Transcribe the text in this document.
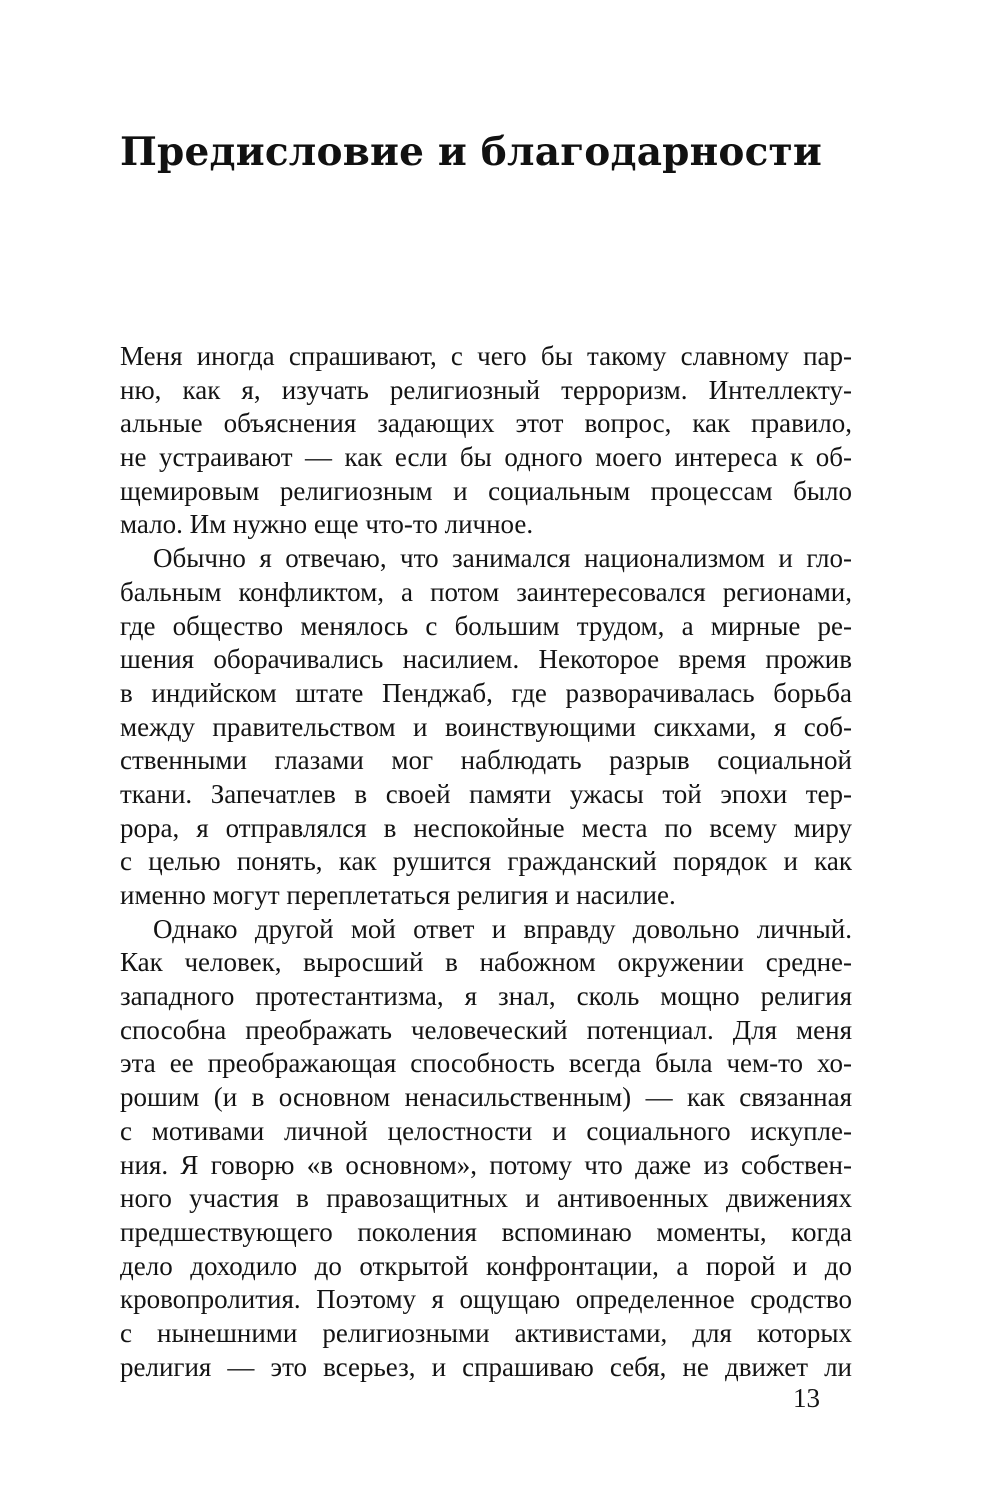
Предисловие и благодарности
Меня иногда спрашивают, с чего бы такому славному пар-
ню, как я, изучать религиозный терроризм. Интеллекту-
альные объяснения задающих этот вопрос, как правило,
не устраивают — как если бы одного моего интереса к об-
щемировым религиозным и социальным процессам было
мало. Им нужно еще что-то личное.
Обычно я отвечаю, что занимался национализмом и гло-
бальным конфликтом, а потом заинтересовался регионами,
где общество менялось с большим трудом, а мирные ре-
шения оборачивались насилием. Некоторое время прожив
в индийском штате Пенджаб, где разворачивалась борьба
между правительством и воинствующими сикхами, я соб-
ственными глазами мог наблюдать разрыв социальной
ткани. Запечатлев в своей памяти ужасы той эпохи тер-
рора, я отправлялся в неспокойные места по всему миру
с целью понять, как рушится гражданский порядок и как
именно могут переплетаться религия и насилие.
Однако другой мой ответ и вправду довольно личный.
Как человек, выросший в набожном окружении средне-
западного протестантизма, я знал, сколь мощно религия
способна преображать человеческий потенциал. Для меня
эта ее преображающая способность всегда была чем-то хо-
рошим (и в основном ненасильственным) — как связанная
с мотивами личной целостности и социального искупле-
ния. Я говорю «в основном», потому что даже из собствен-
ного участия в правозащитных и антивоенных движениях
предшествующего поколения вспоминаю моменты, когда
дело доходило до открытой конфронтации, а порой и до
кровопролития. Поэтому я ощущаю определенное сродство
с нынешними религиозными активистами, для которых
религия — это всерьез, и спрашиваю себя, не движет ли
13
